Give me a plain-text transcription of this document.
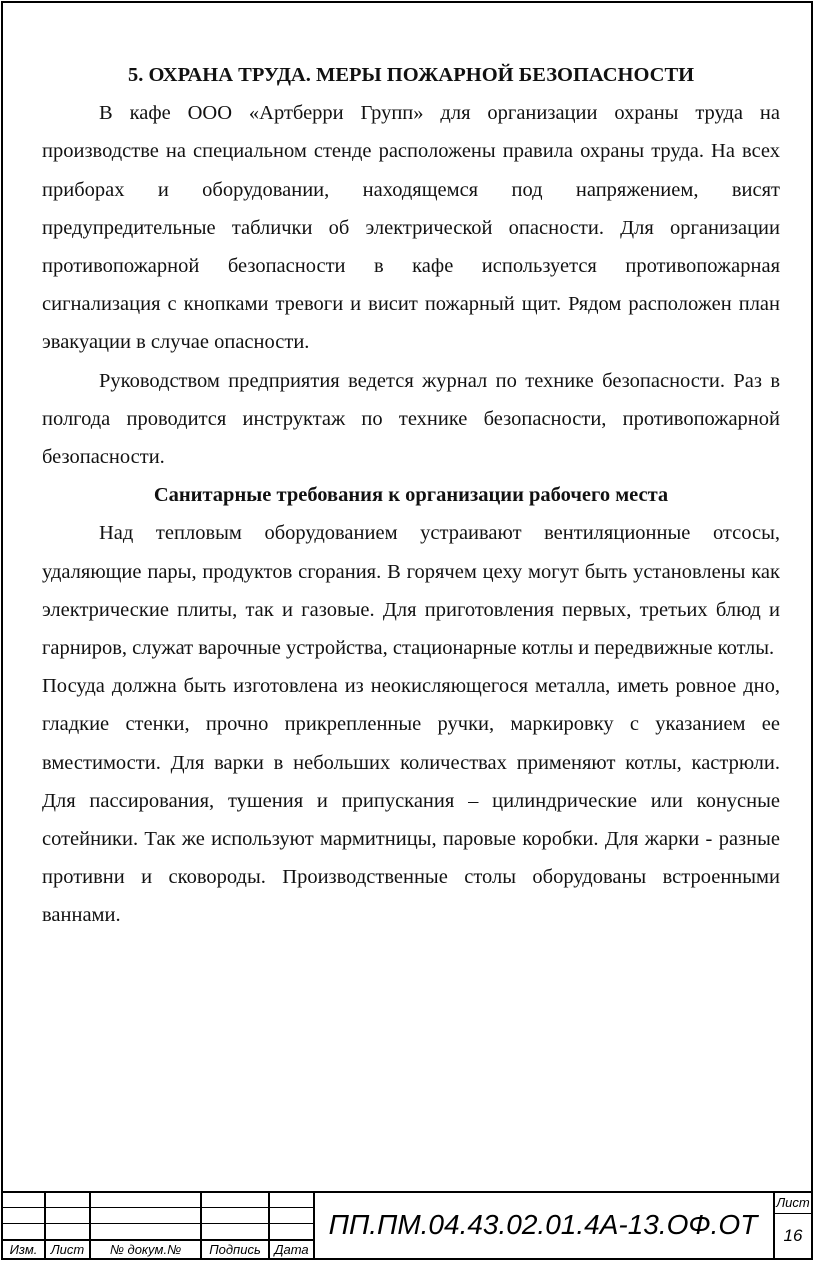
5. ОХРАНА ТРУДА. МЕРЫ ПОЖАРНОЙ БЕЗОПАСНОСТИ

В кафе ООО «Артберри Групп» для организации охраны труда на производстве на специальном стенде расположены правила охраны труда. На всех приборах и оборудовании, находящемся под напряжением, висят предупредительные таблички об электрической опасности. Для организации противопожарной безопасности в кафе используется противопожарная сигнализация с кнопками тревоги и висит пожарный щит. Рядом расположен план эвакуации в случае опасности.

Руководством предприятия ведется журнал по технике безопасности. Раз в полгода проводится инструктаж по технике безопасности, противопожарной безопасности.

Санитарные требования к организации рабочего места

Над тепловым оборудованием устраивают вентиляционные отсосы, удаляющие пары, продуктов сгорания. В горячем цеху могут быть установлены как электрические плиты, так и газовые. Для приготовления первых, третьих блюд и гарниров, служат варочные устройства, стационарные котлы и передвижные котлы.

Посуда должна быть изготовлена из неокисляющегося металла, иметь ровное дно, гладкие стенки, прочно прикрепленные ручки, маркировку с указанием ее вместимости. Для варки в небольших количествах применяют котлы, кастрюли. Для пассирования, тушения и припускания – цилиндрические или конусные сотейники. Так же используют мармитницы, паровые коробки. Для жарки - разные противни и сковороды. Производственные столы оборудованы встроенными ваннами.

Изм.	Лист	№ докум.№	Подпись	Дата
ПП.ПМ.04.43.02.01.4А-13.ОФ.ОТ
Лист
16
